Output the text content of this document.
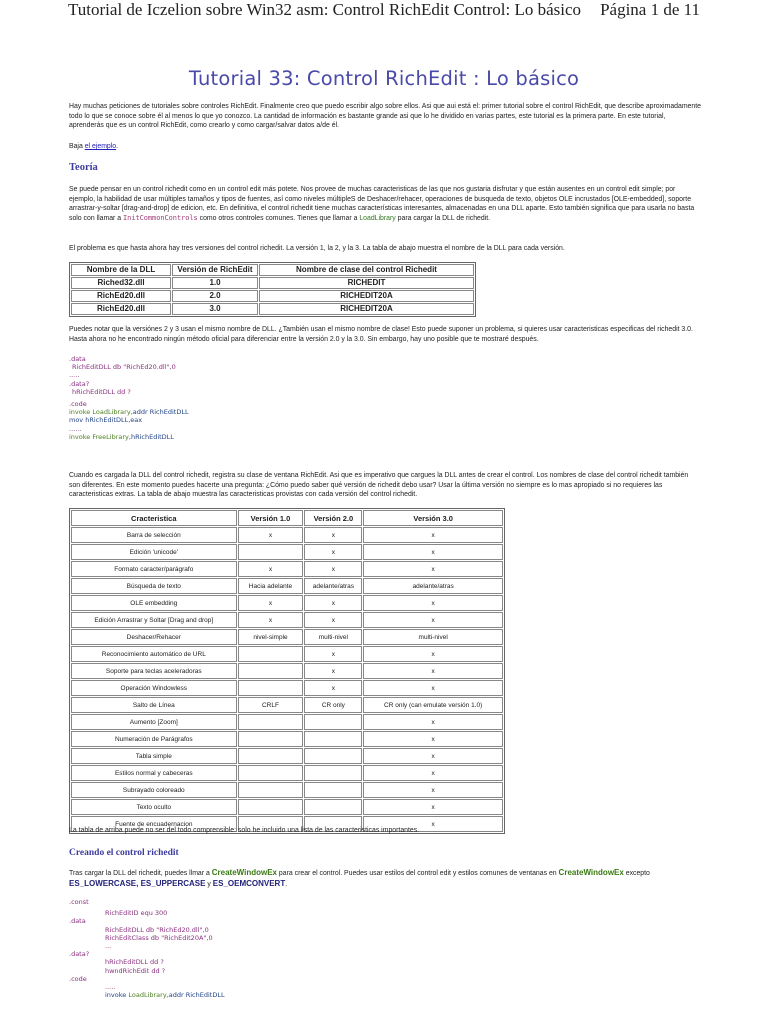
Tutorial de Iczelion sobre Win32 asm: Control RichEdit Control: Lo básico Página 1 de 11
Tutorial 33: Control RichEdit : Lo básico
Hay muchas peticiones de tutoriales sobre controles RichEdit. Finalmente creo que puedo escribir algo sobre ellos. Asi que aui está el: primer tutorial sobre el control RichEdit, que describe aproximadamente todo lo que se conoce sobre él al menos lo que yo conozco. La cantidad de información es bastante grande asi que lo he dividido en varias partes, este tutorial es la primera parte. En este tutorial, aprenderás que es un control RichEdit, como crearlo y como cargar/salvar datos a/de él.
Baja el ejemplo.
Teoría
Se puede pensar en un control richedit como en un control edit más potete. Nos provee de muchas caracteristicas de las que nos gustaria disfrutar y que están ausentes en un control edit simple; por ejemplo, la habilidad de usar múltiples tamaños y tipos de fuentes, así como niveles múltipleS de Deshacer/rehacer, operaciones de busqueda de texto, objetos OLE incrustados [OLE-embedded], soporte arrastrar-y-soltar [drag-and-drop] de edicion, etc. En definitiva, el control richedit tiene muchas características interesantes, almacenadas en una DLL aparte. Esto también significa que para usarla no basta solo con llamar a InitCommonControls como otros controles comunes. Tienes que llamar a LoadLibrary para cargar la DLL de richedit.
El problema es que hasta ahora hay tres versiones del control richedit. La versión 1, la 2, y la 3. La tabla de abajo muestra el nombre de la DLL para cada versión.
Nombre de la DLL	Versión de RichEdit	Nombre de clase del control Richedit
Riched32.dll	1.0	RICHEDIT
RichEd20.dll	2.0	RICHEDIT20A
RichEd20.dll	3.0	RICHEDIT20A
Puedes notar que la versiónes 2 y 3 usan el mismo nombre de DLL. ¿También usan el mismo nombre de clase! Esto puede suponer un problema, si quieres usar caracteristicas especificas del richedit 3.0. Hasta ahora no he encontrado ningún método oficial para diferenciar entre la versión 2.0 y la 3.0. Sin embargo, hay uno posible que te mostraré después.
.data
RichEditDLL db "RichEd20.dll",0
.....
.data?
hRichEditDLL dd ?
.code
invoke LoadLibrary,addr RichEditDLL
mov hRichEditDLL,eax
......
invoke FreeLibrary,hRichEditDLL
Cuando es cargada la DLL del control richedit, registra su clase de ventana RichEdit. Asi que es imperativo que cargues la DLL antes de crear el control. Los nombres de clase del control richedit también son diferentes. En este momento puedes hacerte una pregunta: ¿Cómo puedo saber qué versión de richedit debo usar? Usar la última versión no siempre es lo mas apropiado si no requieres las caracteristicas extras. La tabla de abajo muestra las caracteristicas provistas con cada versión del control richedit.
Cracteristica	Versión 1.0	Versión 2.0	Versión 3.0
Barra de selección	x	x	x
Edición 'unicode'		x	x
Formato caracter/parágrafo	x	x	x
Búsqueda de texto	Hacia adelante	adelante/atras	adelante/atras
OLE embedding	x	x	x
Edición Arrastrar y Soltar [Drag and drop]	x	x	x
Deshacer/Rehacer	nivel-simple	multi-nivel	multi-nivel
Reconocimiento automático de URL		x	x
Soporte para teclas aceleradoras		x	x
Operación Windowless		x	x
Salto de Línea	CRLF	CR only	CR only (can emulate versión 1.0)
Aumento [Zoom]			x
Numeración de Parágrafos			x
Tabla simple			x
Estilos normal y cabeceras			x
Subrayado coloreado			x
Texto oculto			x
Fuente de encuadernacion			x
La tabla de arriba puede no ser del todo comprensible: solo he incluido una lista de las caracteristicas importantes.
Creando el control richedit
Tras cargar la DLL del richedit, puedes llmar a CreateWindowEx para crear el control. Puedes usar estilos del control edit y estilos comunes de ventanas en CreateWindowEx excepto ES_LOWERCASE, ES_UPPERCASE y ES_OEMCONVERT.
.const
RichEditID equ 300
.data
RichEditDLL db "RichEd20.dll",0
RichEditClass db "RichEdit20A",0
...
.data?
hRichEditDLL dd ?
hwndRichEdit dd ?
.code
.....
invoke LoadLibrary,addr RichEditDLL
